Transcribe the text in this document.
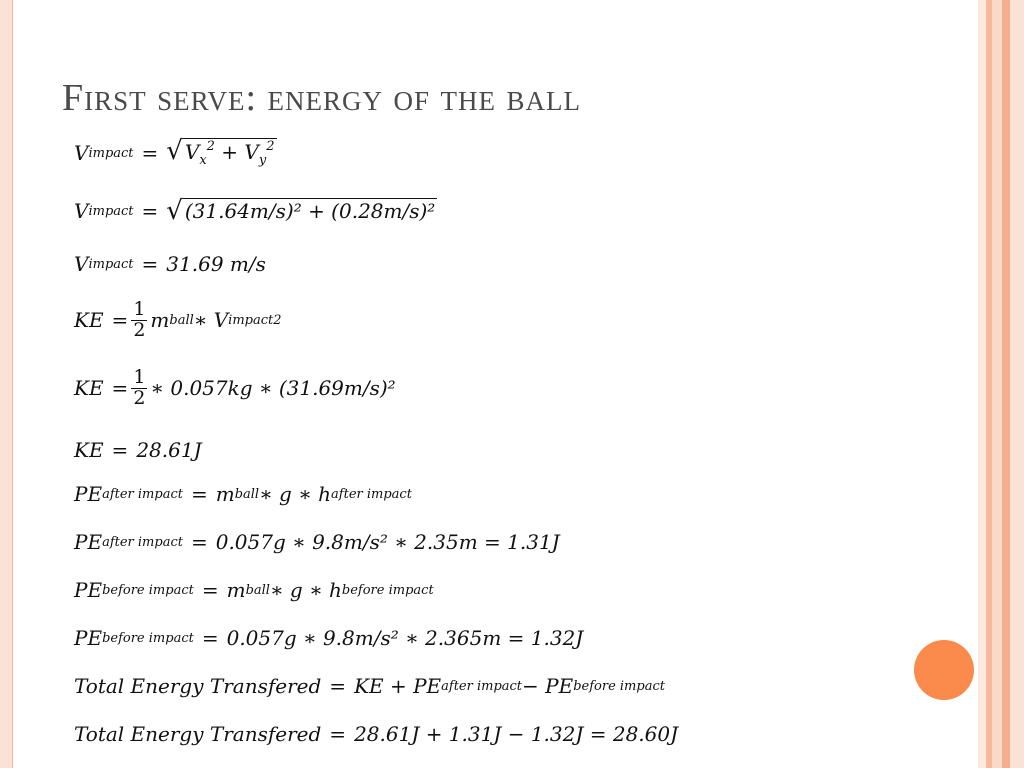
First serve: energy of the ball
V impact = √ $V_x^2 + V_y^2$
V impact = √ (31.64m/s)² + (0.28m/s)²
V impact = 31.69 m/s
KE = $\frac{1}{2}$ m ball ∗ V impact 2
KE = $\frac{1}{2}$ ∗ 0.057kg ∗ (31.69m/s)²
KE = 28.61J
PE after impact = m ball ∗ g ∗ h after impact
PE after impact = 0.057g ∗ 9.8m/s² ∗ 2.35m = 1.31J
PE before impact = m ball ∗ g ∗ h before impact
PE before impact = 0.057g ∗ 9.8m/s² ∗ 2.365m = 1.32J
Total Energy Transfered = KE + PE after impact − PE before impact
Total Energy Transfered = 28.61J + 1.31J − 1.32J = 28.60J
